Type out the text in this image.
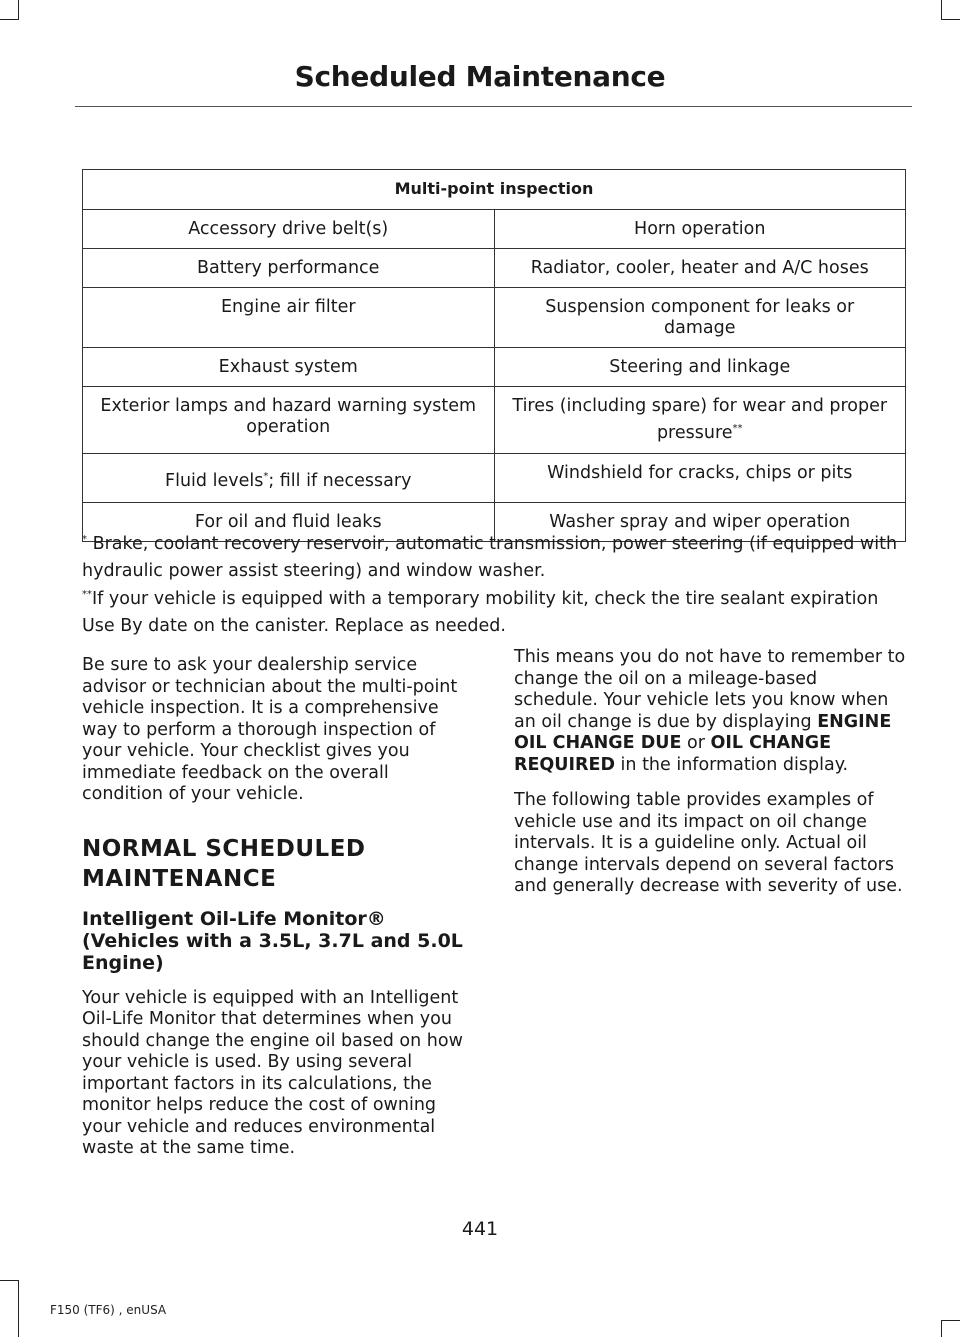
Scheduled Maintenance
Multi-point inspection	
Accessory drive belt(s)	Horn operation
Battery performance	Radiator, cooler, heater and A/C hoses
Engine air filter	Suspension component for leaks or damage
Exhaust system	Steering and linkage
Exterior lamps and hazard warning system operation	Tires (including spare) for wear and proper pressure**
Fluid levels*; fill if necessary	Windshield for cracks, chips or pits
For oil and fluid leaks	Washer spray and wiper operation
* Brake, coolant recovery reservoir, automatic transmission, power steering (if equipped with hydraulic power assist steering) and window washer.
**If your vehicle is equipped with a temporary mobility kit, check the tire sealant expiration Use By date on the canister. Replace as needed.

Be sure to ask your dealership service advisor or technician about the multi-point vehicle inspection. It is a comprehensive way to perform a thorough inspection of your vehicle. Your checklist gives you immediate feedback on the overall condition of your vehicle.

NORMAL SCHEDULED
MAINTENANCE
Intelligent Oil-Life Monitor® (Vehicles with a 3.5L, 3.7L and 5.0L Engine)

Your vehicle is equipped with an Intelligent Oil-Life Monitor that determines when you should change the engine oil based on how your vehicle is used. By using several important factors in its calculations, the monitor helps reduce the cost of owning your vehicle and reduces environmental waste at the same time.

This means you do not have to remember to change the oil on a mileage-based schedule. Your vehicle lets you know when an oil change is due by displaying ENGINE OIL CHANGE DUE or OIL CHANGE REQUIRED in the information display.

The following table provides examples of vehicle use and its impact on oil change intervals. It is a guideline only. Actual oil change intervals depend on several factors and generally decrease with severity of use.

441
F150 (TF6) , enUSA
